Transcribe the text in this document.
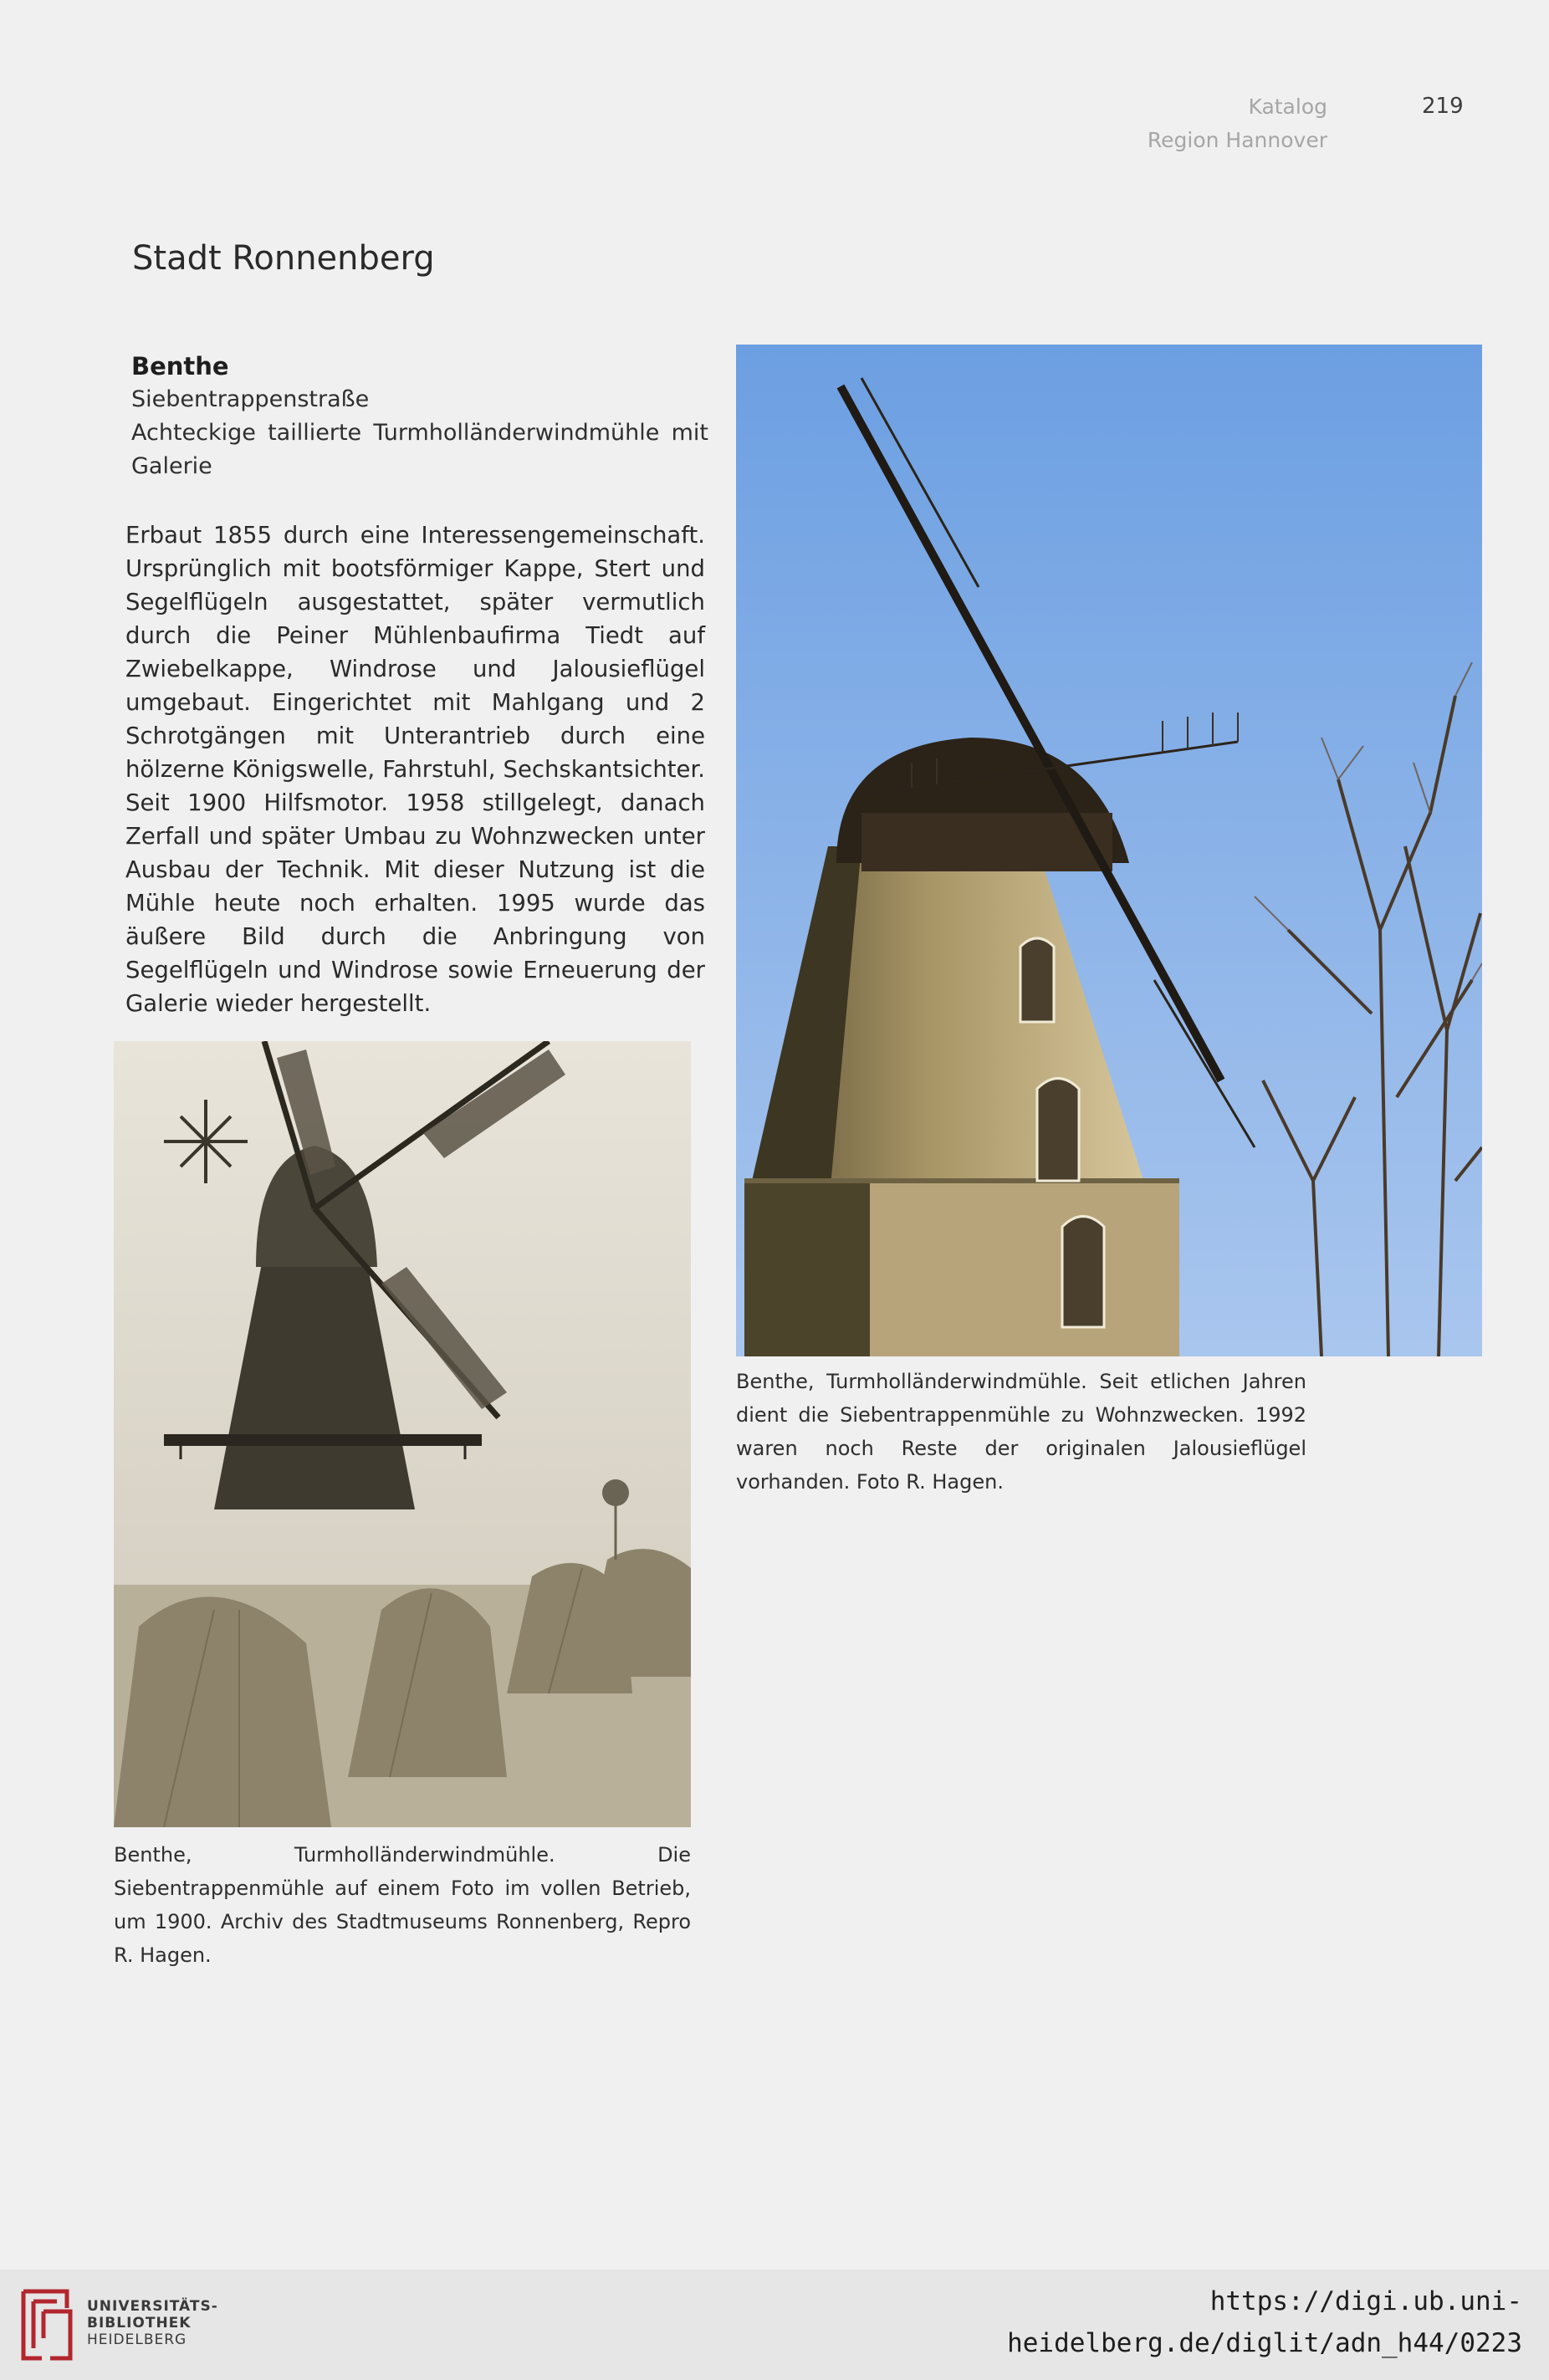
Katalog
Region Hannover
219
Stadt Ronnenberg
Benthe
Siebentrappenstraße
Achteckige taillierte Turmholländerwindmühle mit Galerie
Erbaut 1855 durch eine Interessengemeinschaft. Ursprünglich mit bootsförmiger Kappe, Stert und Segelflügeln ausgestattet, später vermutlich durch die Peiner Mühlenbaufirma Tiedt auf Zwiebelkappe, Windrose und Jalousieflügel umgebaut. Eingerichtet mit Mahlgang und 2 Schrotgängen mit Unterantrieb durch eine hölzerne Königswelle, Fahrstuhl, Sechskantsichter. Seit 1900 Hilfsmotor. 1958 stillgelegt, danach Zerfall und später Umbau zu Wohnzwecken unter Ausbau der Technik. Mit dieser Nutzung ist die Mühle heute noch erhalten. 1995 wurde das äußere Bild durch die Anbringung von Segelflügeln und Windrose sowie Erneuerung der Galerie wieder hergestellt.
Benthe, Turmholländerwindmühle. Seit etlichen Jahren dient die Siebentrappenmühle zu Wohnzwecken. 1992 waren noch Reste der originalen Jalousieflügel vorhanden. Foto R. Hagen.
Benthe, Turmholländerwindmühle. Die Siebentrappenmühle auf einem Foto im vollen Betrieb, um 1900. Archiv des Stadtmuseums Ronnenberg, Repro R. Hagen.
UNIVERSITÄTS-
BIBLIOTHEK
HEIDELBERG
https://digi.ub.uni-heidelberg.de/diglit/adn_h44/0223
